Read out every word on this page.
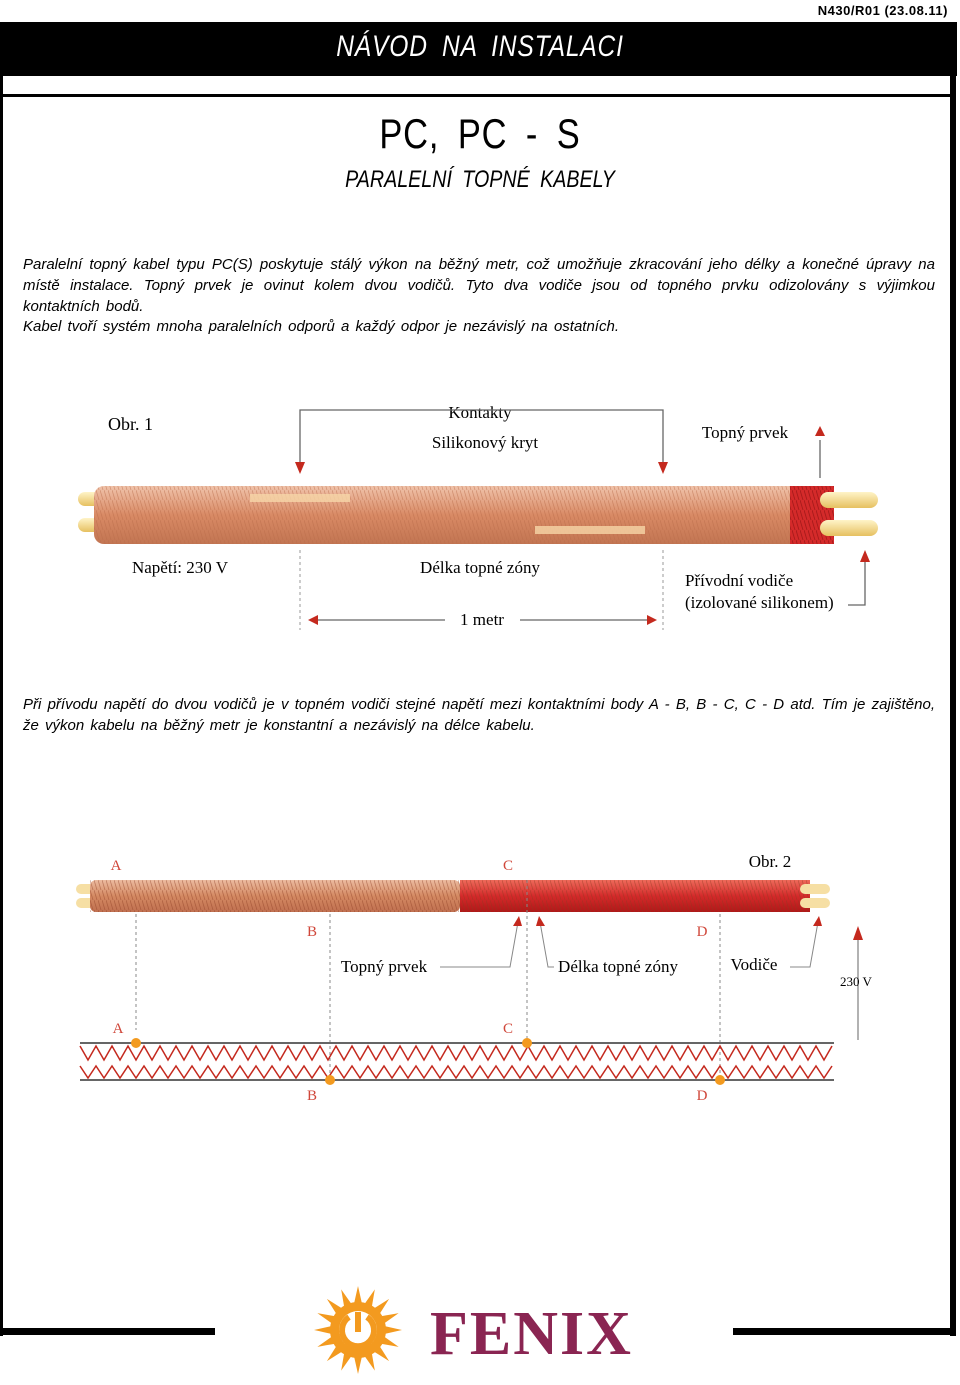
N430/R01 (23.08.11)
NÁVOD NA INSTALACI
PC, PC - S
PARALELNÍ TOPNÉ KABELY
Paralelní topný kabel typu PC(S) poskytuje stálý výkon na běžný metr, což umožňuje zkracování jeho délky a konečné úpravy na místě instalace. Topný prvek je ovinut kolem dvou vodičů. Tyto dva vodiče jsou od topného prvku odizolovány s výjimkou kontaktních bodů.
Kabel tvoří systém mnoha paralelních odporů a každý odpor je nezávislý na ostatních.
Obr. 1
Kontakty
Silikonový kryt
Topný prvek
Napětí: 230 V	Délka topné zóny
Přívodní vodiče
(izolované silikonem)
1 metr
Při přívodu napětí do dvou vodičů je v topném vodiči stejné napětí mezi kontaktními body A - B, B - C, C - D atd. Tím je zajištěno, že výkon kabelu na běžný metr je konstantní a nezávislý na délce kabelu.
A	C	Obr. 2
B	D
Topný prvek	Délka topné zóny	Vodiče
230 V
A	C
B	D
FENIX
